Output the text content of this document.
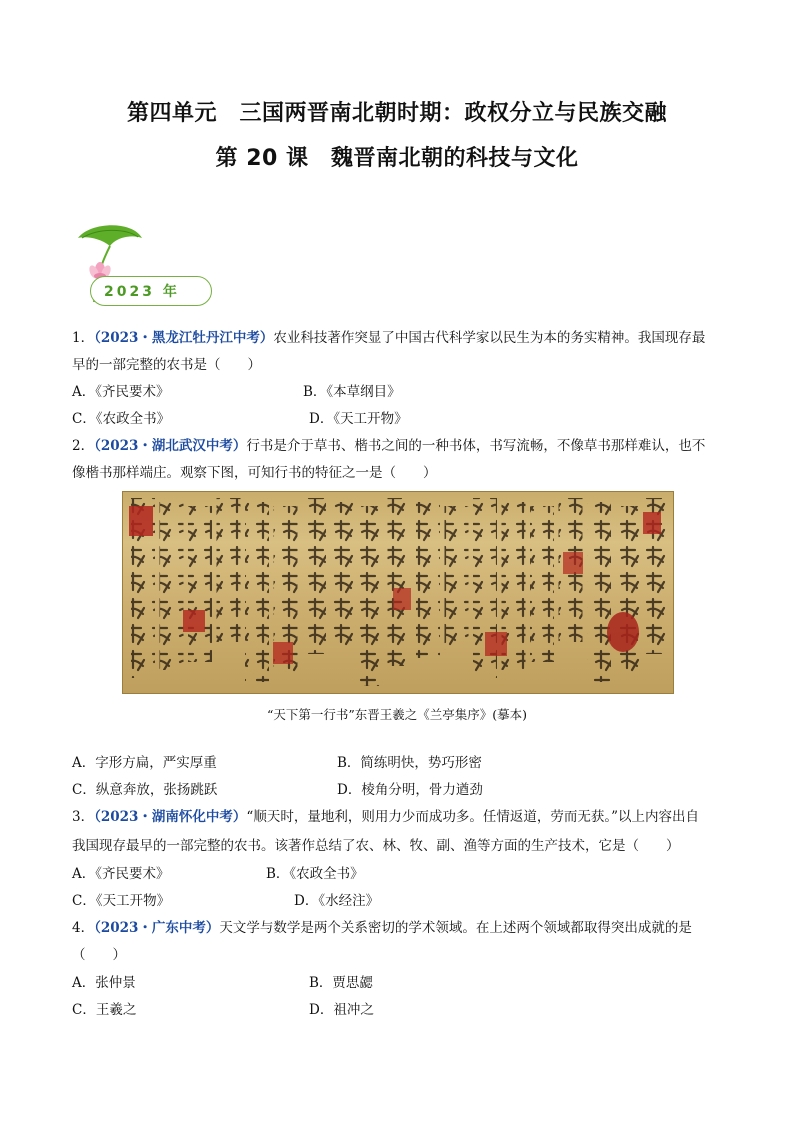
第四单元　三国两晋南北朝时期：政权分立与民族交融
第 20 课　魏晋南北朝的科技与文化
2023 年
1．（2023・黑龙江牡丹江中考）农业科技著作突显了中国古代科学家以民生为本的务实精神。我国现存最
早的一部完整的农书是（　　）
A．《齐民要术》	B．《本草纲目》
C．《农政全书》	D．《天工开物》
2．（2023・湖北武汉中考）行书是介于草书、楷书之间的一种书体，书写流畅，不像草书那样难认，也不
像楷书那样端庄。观察下图，可知行书的特征之一是（　　）
“天下第一行书”东晋王羲之《兰亭集序》(摹本)
A．字形方扁，严实厚重	B．简练明快，势巧形密
C．纵意奔放，张扬跳跃	D．棱角分明，骨力遒劲
3．（2023・湖南怀化中考）“顺天时，量地利，则用力少而成功多。任情返道，劳而无获。”以上内容出自
我国现存最早的一部完整的农书。该著作总结了农、林、牧、副、渔等方面的生产技术，它是（　　）
A．《齐民要术》	B．《农政全书》
C．《天工开物》	D．《水经注》
4．（2023・广东中考）天文学与数学是两个关系密切的学术领域。在上述两个领域都取得突出成就的是
（　　）
A．张仲景	B．贾思勰
C．王羲之	D．祖冲之
